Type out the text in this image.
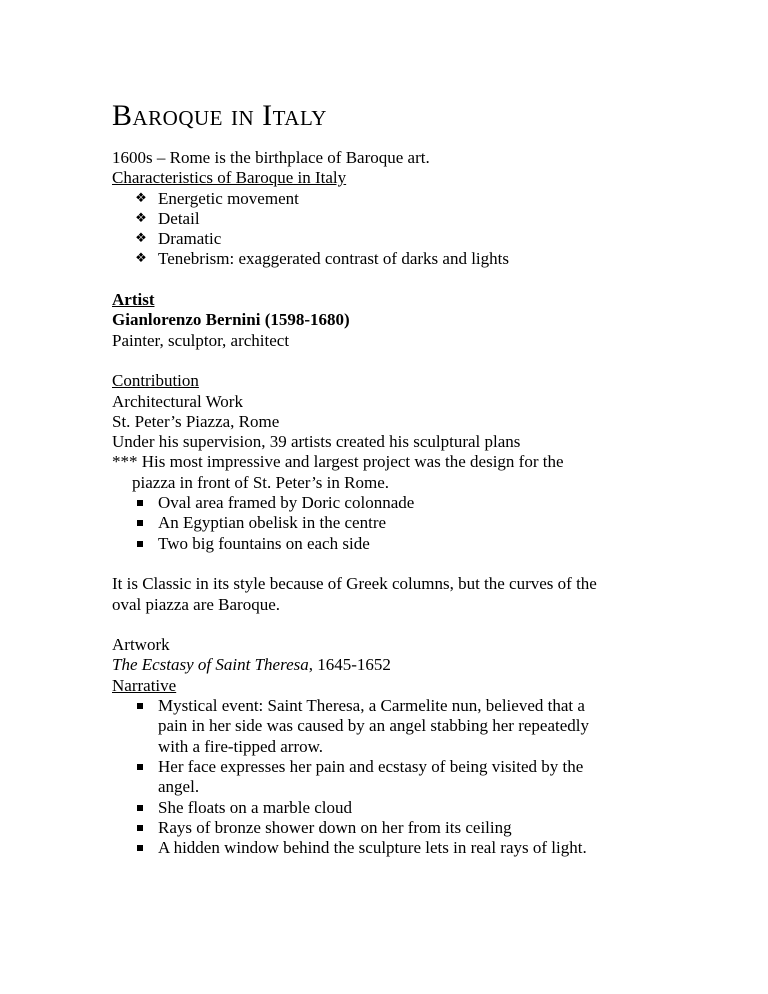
Baroque in Italy
1600s – Rome is the birthplace of Baroque art.
Characteristics of Baroque in Italy
❖ Energetic movement
❖ Detail
❖ Dramatic
❖ Tenebrism: exaggerated contrast of darks and lights
Artist
Gianlorenzo Bernini (1598-1680)
Painter, sculptor, architect
Contribution
Architectural Work
St. Peter’s Piazza, Rome
Under his supervision, 39 artists created his sculptural plans
*** His most impressive and largest project was the design for the
piazza in front of St. Peter’s in Rome.
Oval area framed by Doric colonnade
An Egyptian obelisk in the centre
Two big fountains on each side
It is Classic in its style because of Greek columns, but the curves of the
oval piazza are Baroque.
Artwork
The Ecstasy of Saint Theresa, 1645-1652
Narrative
Mystical event: Saint Theresa, a Carmelite nun, believed that a
pain in her side was caused by an angel stabbing her repeatedly
with a fire-tipped arrow.
Her face expresses her pain and ecstasy of being visited by the
angel.
She floats on a marble cloud
Rays of bronze shower down on her from its ceiling
A hidden window behind the sculpture lets in real rays of light.
